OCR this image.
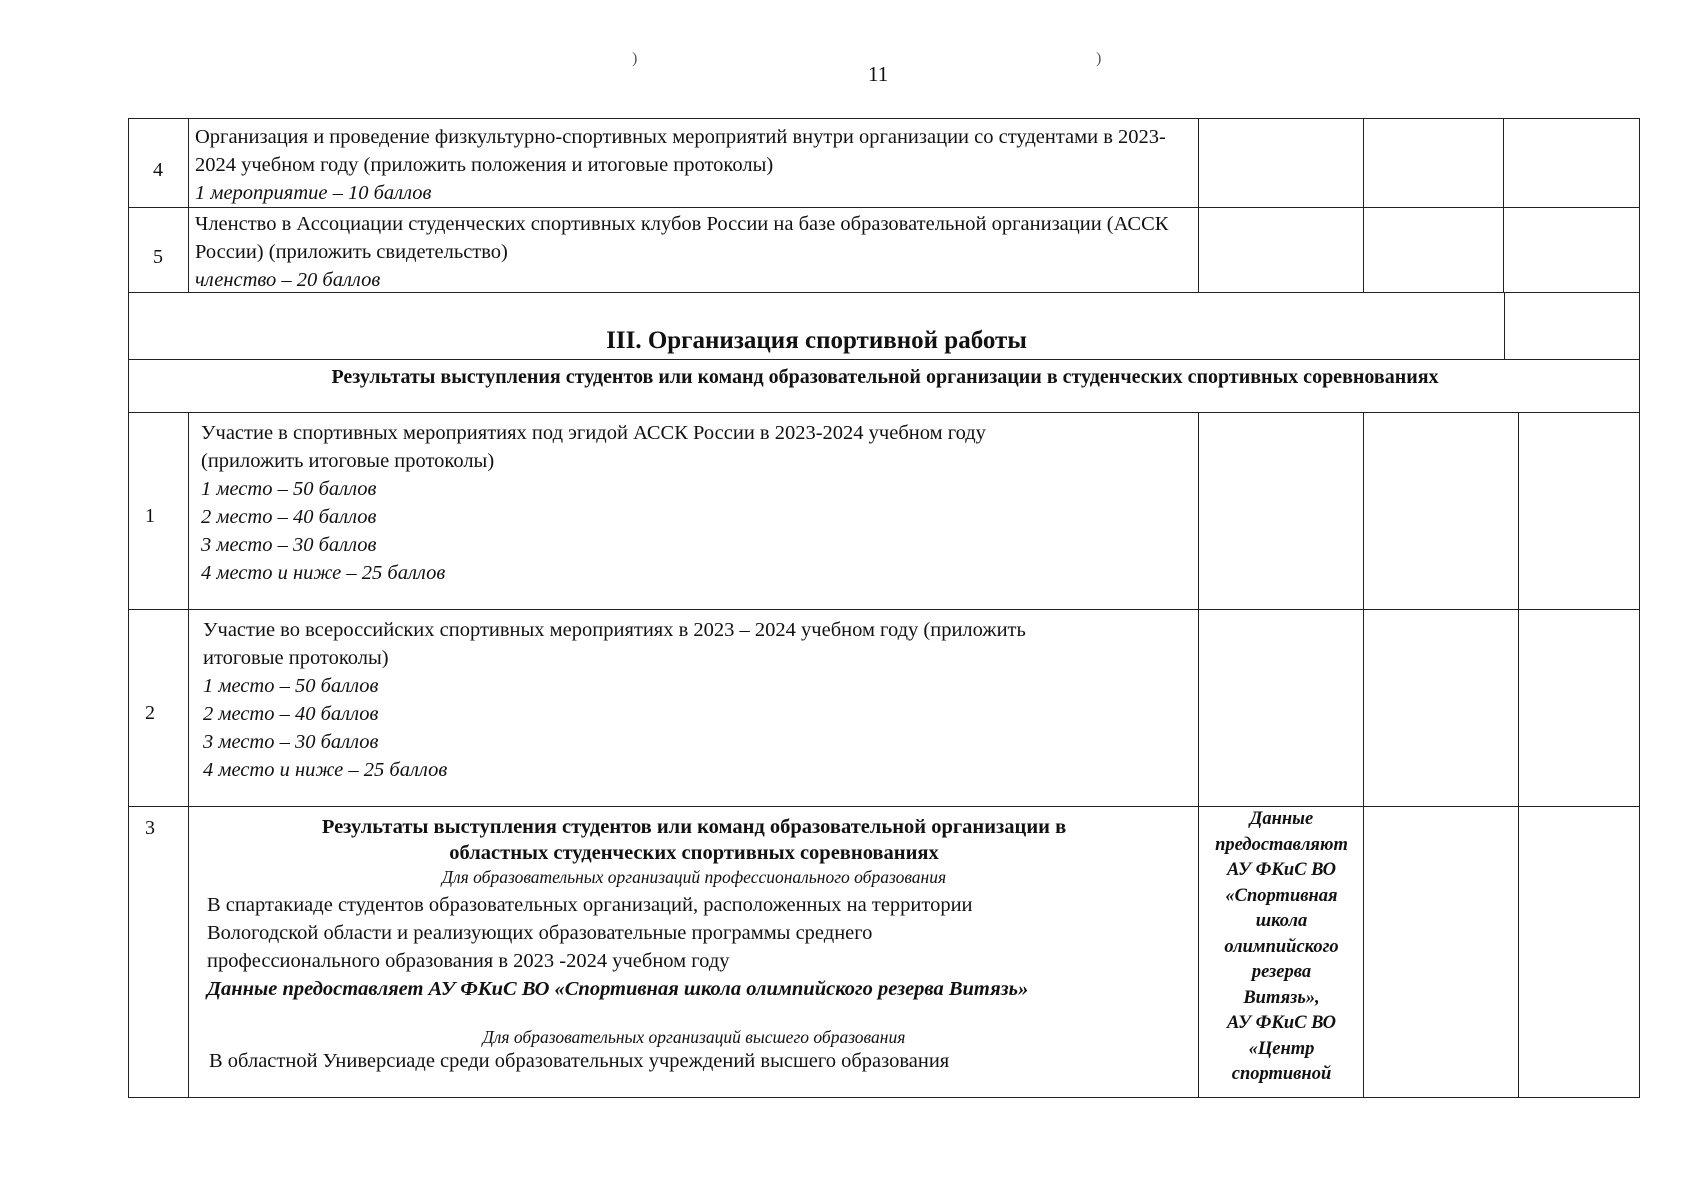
11
)	)
4
Организация и проведение физкультурно-спортивных мероприятий внутри организации со студентами в 2023-2024 учебном году (приложить положения и итоговые протоколы)
1 мероприятие – 10 баллов
5
Членство в Ассоциации студенческих спортивных клубов России на базе образовательной организации (АССК России) (приложить свидетельство)
членство – 20 баллов
III. Организация спортивной работы
Результаты выступления студентов или команд образовательной организации в студенческих спортивных соревнованиях
1
Участие в спортивных мероприятиях под эгидой АССК России в 2023-2024 учебном году
(приложить итоговые протоколы)
1 место – 50 баллов
2 место – 40 баллов
3 место – 30 баллов
4 место и ниже – 25 баллов
2
Участие во всероссийских спортивных мероприятиях в 2023 – 2024 учебном году (приложить
итоговые протоколы)
1 место – 50 баллов
2 место – 40 баллов
3 место – 30 баллов
4 место и ниже – 25 баллов
3	Результаты выступления студентов или команд образовательной организации в
областных студенческих спортивных соревнованиях
Для образовательных организаций профессионального образования
В спартакиаде студентов образовательных организаций, расположенных на территории
Вологодской области и реализующих образовательные программы среднего
профессионального образования в 2023 -2024 учебном году
Данные предоставляет АУ ФКиС ВО «Спортивная школа олимпийского резерва Витязь»
Для образовательных организаций высшего образования
В областной Универсиаде среди образовательных учреждений высшего образования
Данные
предоставляют
АУ ФКиС ВО
«Спортивная
школа
олимпийского
резерва
Витязь»,
АУ ФКиС ВО
«Центр
спортивной
